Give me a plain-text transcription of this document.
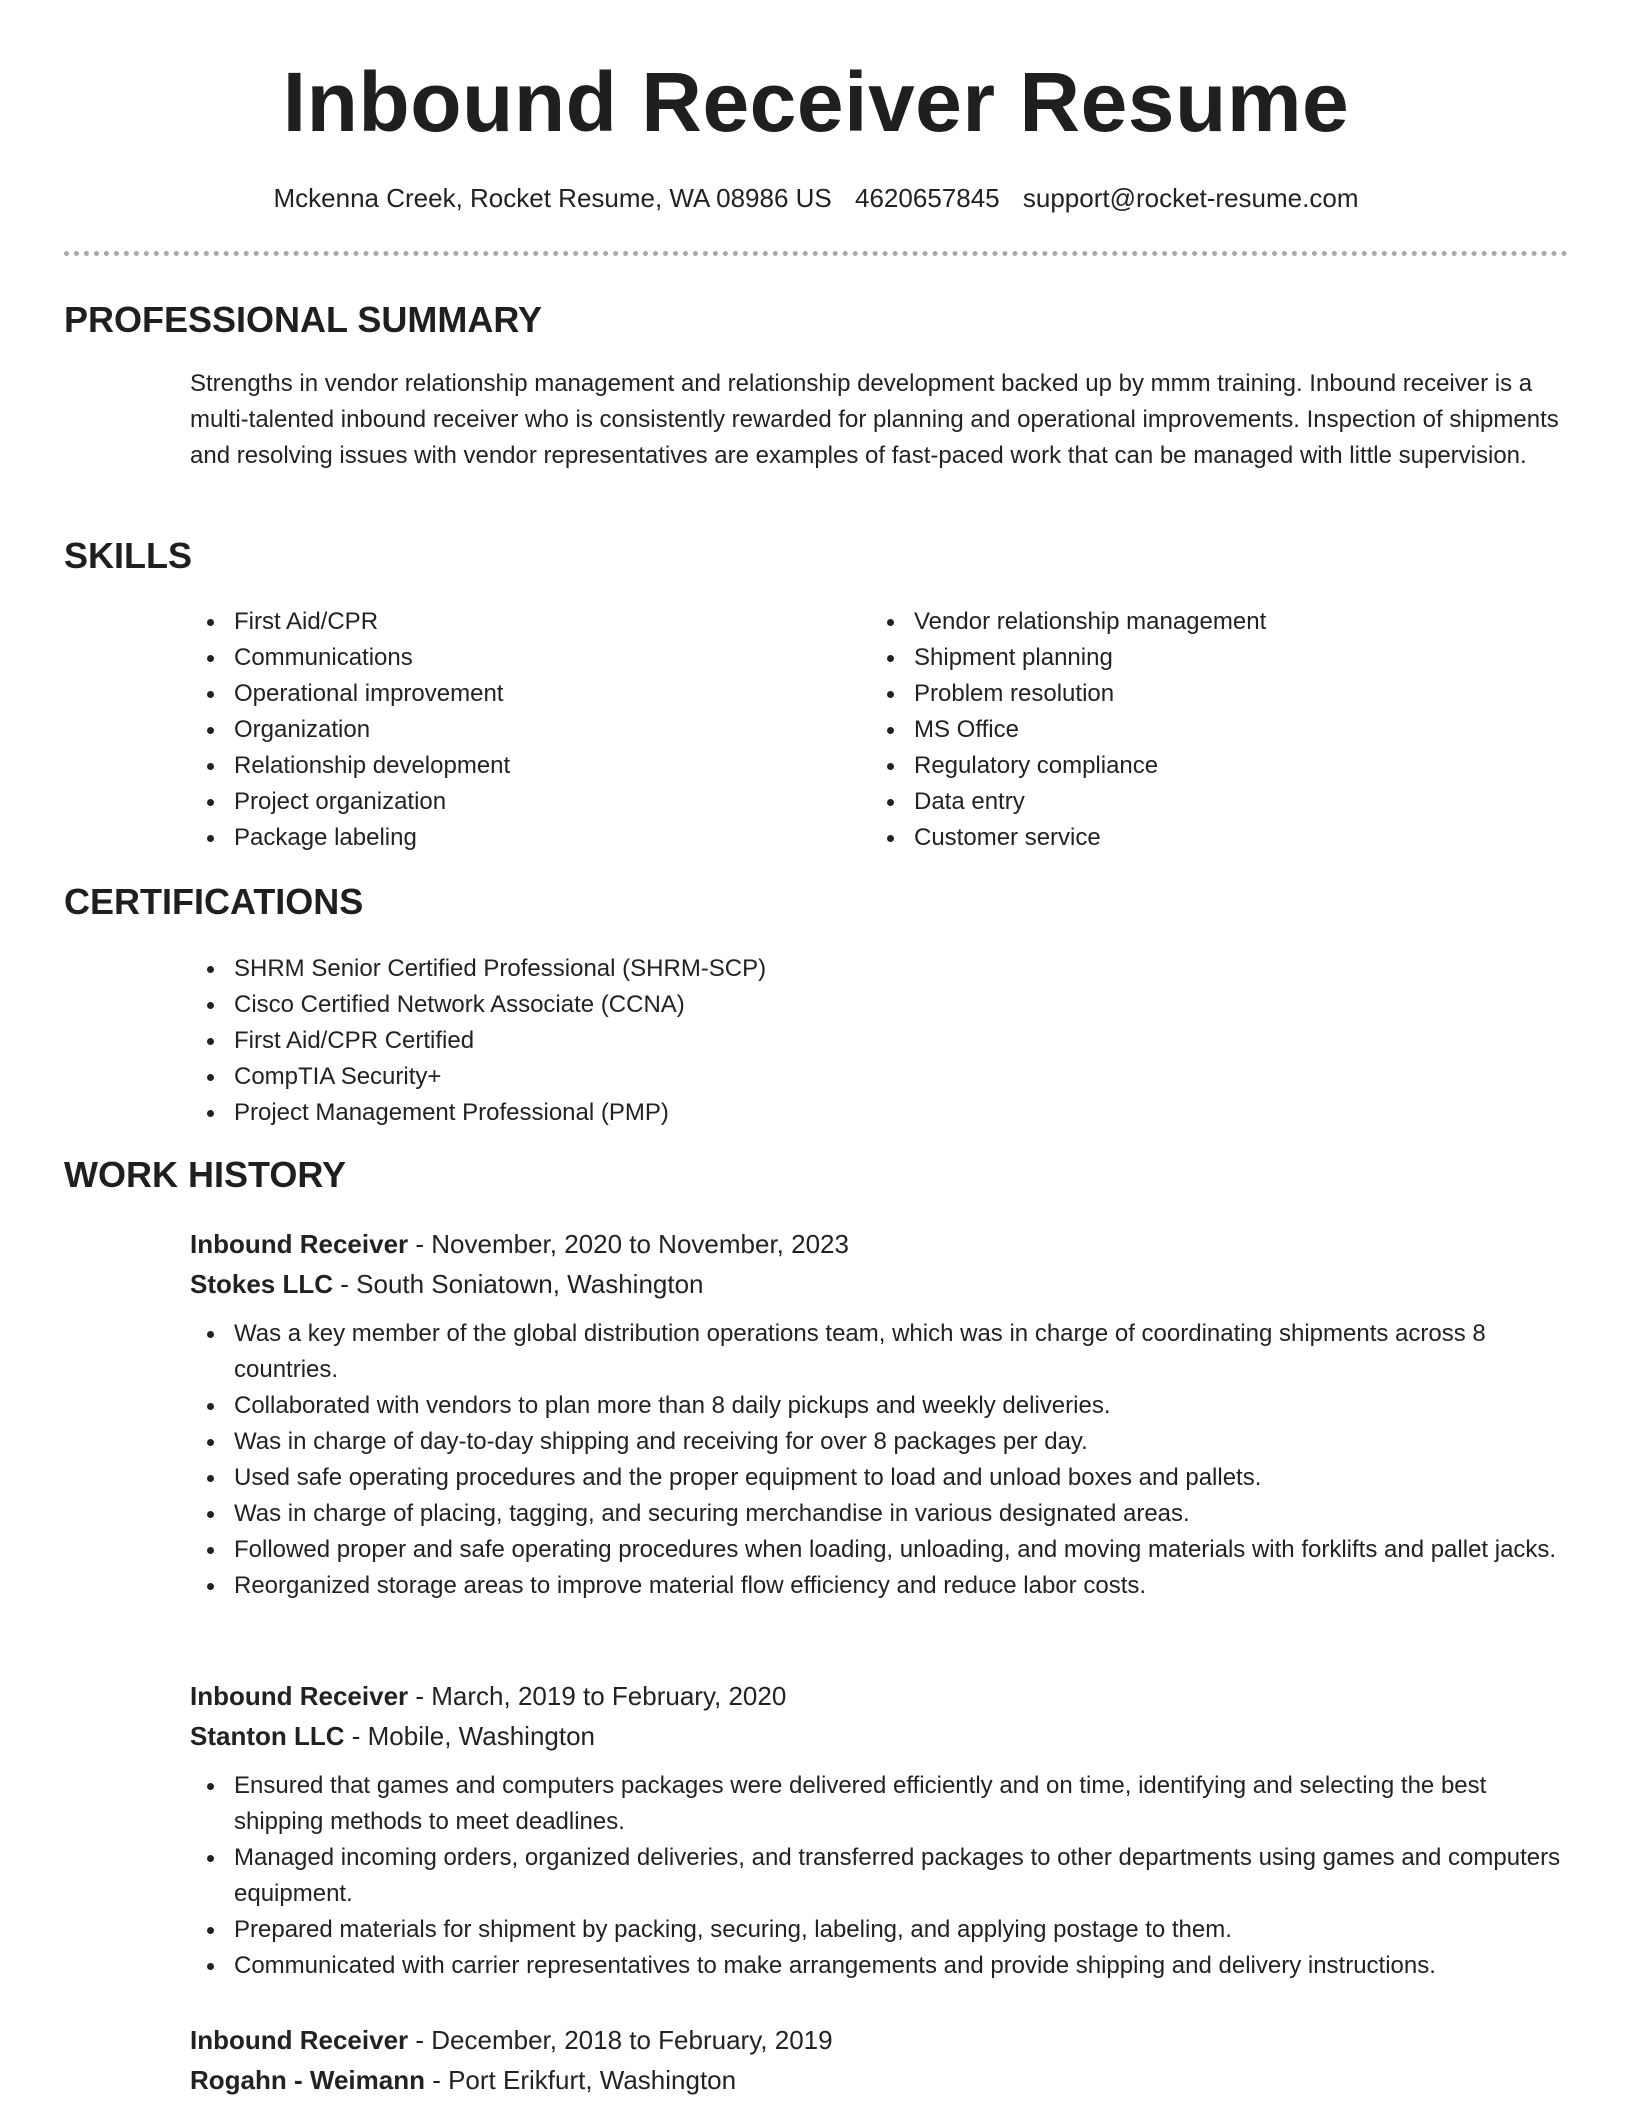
Inbound Receiver Resume
Mckenna Creek, Rocket Resume, WA 08986 US 4620657845 support@rocket-resume.com
PROFESSIONAL SUMMARY

Strengths in vendor relationship management and relationship development backed up by mmm training. Inbound receiver is a multi-talented inbound receiver who is consistently rewarded for planning and operational improvements. Inspection of shipments and resolving issues with vendor representatives are examples of fast-paced work that can be managed with little supervision.

SKILLS
First Aid/CPR
Communications
Operational improvement
Organization
Relationship development
Project organization
Package labeling
Vendor relationship management
Shipment planning
Problem resolution
MS Office
Regulatory compliance
Data entry
Customer service
CERTIFICATIONS
SHRM Senior Certified Professional (SHRM-SCP)
Cisco Certified Network Associate (CCNA)
First Aid/CPR Certified
CompTIA Security+
Project Management Professional (PMP)
WORK HISTORY

Inbound Receiver - November, 2020 to November, 2023

Stokes LLC - South Soniatown, Washington

Was a key member of the global distribution operations team, which was in charge of coordinating shipments across 8 countries.
Collaborated with vendors to plan more than 8 daily pickups and weekly deliveries.
Was in charge of day-to-day shipping and receiving for over 8 packages per day.
Used safe operating procedures and the proper equipment to load and unload boxes and pallets.
Was in charge of placing, tagging, and securing merchandise in various designated areas.
Followed proper and safe operating procedures when loading, unloading, and moving materials with forklifts and pallet jacks.
Reorganized storage areas to improve material flow efficiency and reduce labor costs.

Inbound Receiver - March, 2019 to February, 2020

Stanton LLC - Mobile, Washington

Ensured that games and computers packages were delivered efficiently and on time, identifying and selecting the best shipping methods to meet deadlines.
Managed incoming orders, organized deliveries, and transferred packages to other departments using games and computers equipment.
Prepared materials for shipment by packing, securing, labeling, and applying postage to them.
Communicated with carrier representatives to make arrangements and provide shipping and delivery instructions.

Inbound Receiver - December, 2018 to February, 2019

Rogahn - Weimann - Port Erikfurt, Washington
